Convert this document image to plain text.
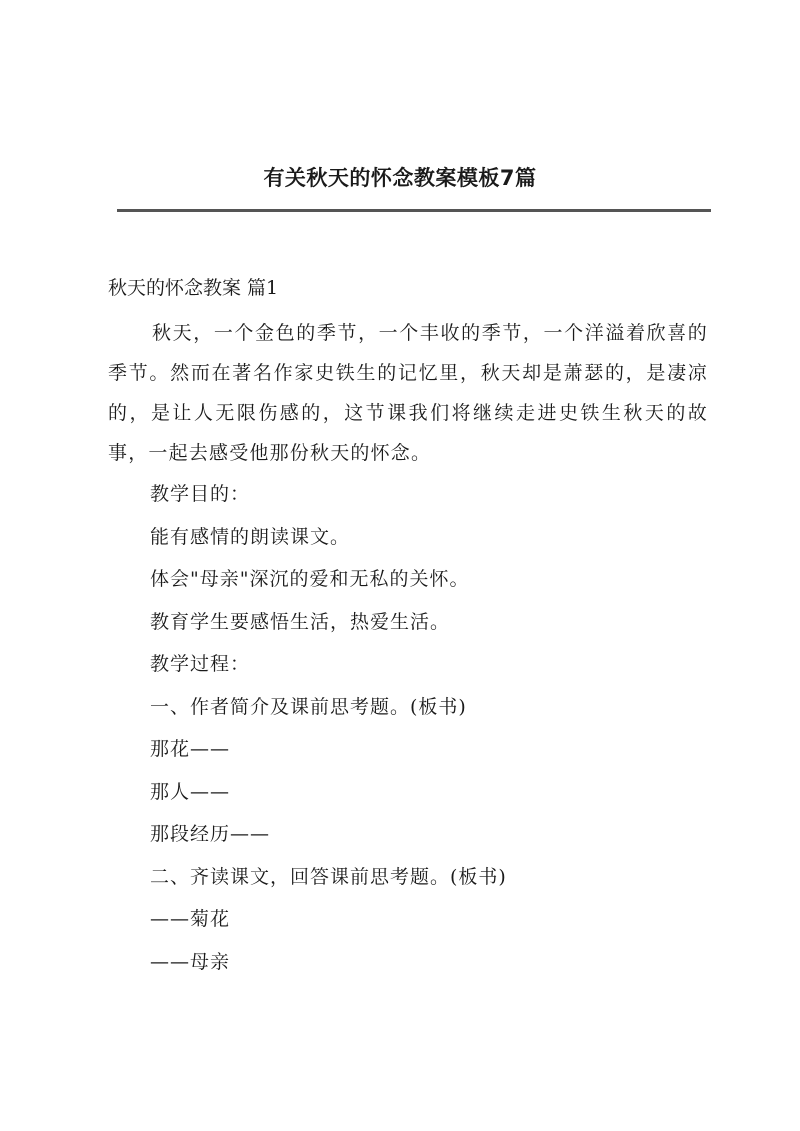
有关秋天的怀念教案模板7篇
秋天的怀念教案 篇1
秋天，一个金色的季节，一个丰收的季节，一个洋溢着欣喜的季节。然而在著名作家史铁生的记忆里，秋天却是萧瑟的，是凄凉的，是让人无限伤感的，这节课我们将继续走进史铁生秋天的故事，一起去感受他那份秋天的怀念。
教学目的：
能有感情的朗读课文。
体会"母亲"深沉的爱和无私的关怀。
教育学生要感悟生活，热爱生活。
教学过程：
一、作者简介及课前思考题。(板书)
那花——
那人——
那段经历——
二、齐读课文，回答课前思考题。(板书)
——菊花
——母亲
